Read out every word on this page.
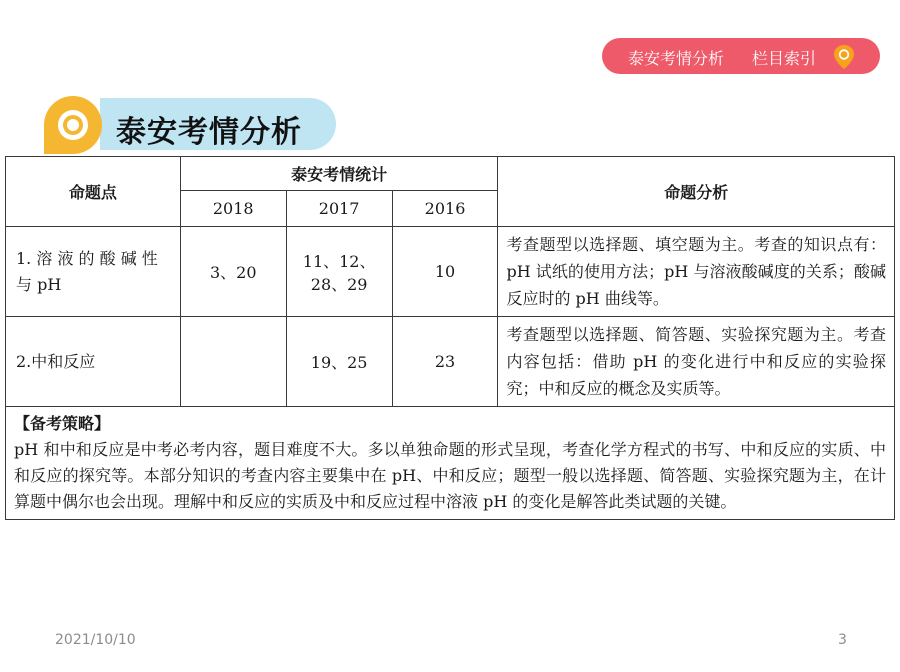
泰安考情分析 栏目索引
泰安考情分析
命题点	泰安考情统计			命题分析
	2018	2017	2016	
1. 溶 液 的 酸 碱 性 与 pH	3、20	11、12、28、29	10	考查题型以选择题、填空题为主。考查的知识点有：pH 试纸的使用方法；pH 与溶液酸碱度的关系；酸碱反应时的 pH 曲线等。
2.中和反应		19、25	23	考查题型以选择题、简答题、实验探究题为主。考查内容包括：借助 pH 的变化进行中和反应的实验探究；中和反应的概念及实质等。

【备考策略】
pH 和中和反应是中考必考内容，题目难度不大。多以单独命题的形式呈现，考查化学方程式的书写、中和反应的实质、中和反应的探究等。本部分知识的考查内容主要集中在 pH、中和反应；题型一般以选择题、简答题、实验探究题为主，在计算题中偶尔也会出现。理解中和反应的实质及中和反应过程中溶液 pH 的变化是解答此类试题的关键。				
2021/10/10	3
